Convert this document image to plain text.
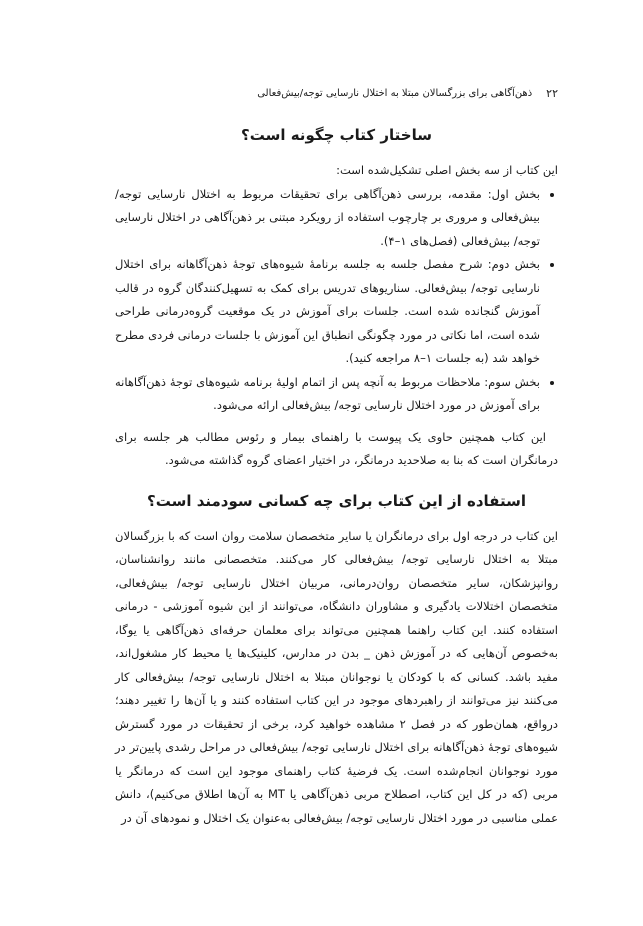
۲۲
ذهن‌آگاهی برای بزرگسالان مبتلا به اختلال نارسایی توجه/بیش‌فعالی
ساختار کتاب چگونه است؟

این کتاب از سه بخش اصلی تشکیل‌شده است:

• بخش اول: مقدمه، بررسی ذهن‌آگاهی برای تحقیقات مربوط به اختلال نارسایی توجه/ بیش‌فعالی و مروری بر چارچوب استفاده از رویکرد مبتنی بر ذهن‌آگاهی در اختلال نارسایی توجه/ بیش‌فعالی (فصل‌های ۱–۴).
• بخش دوم: شرح مفصل جلسه به جلسه برنامهٔ شیوه‌های توجهٔ ذهن‌آگاهانه برای اختلال نارسایی توجه/ بیش‌فعالی. سناریوهای تدریس برای کمک به تسهیل‌کنندگان گروه در قالب آموزش گنجانده شده است. جلسات برای آموزش در یک موقعیت گروه‌درمانی طراحی شده است، اما نکاتی در مورد چگونگی انطباق این آموزش با جلسات درمانی فردی مطرح خواهد شد (به جلسات ۱–۸ مراجعه کنید).
• بخش سوم: ملاحظات مربوط به آنچه پس از اتمام اولیهٔ برنامه شیوه‌های توجهٔ ذهن‌آگاهانه برای آموزش در مورد اختلال نارسایی توجه/ بیش‌فعالی ارائه می‌شود.

این کتاب همچنین حاوی یک پیوست با راهنمای بیمار و رئوس مطالب هر جلسه برای درمانگران است که بنا به صلاحدید درمانگر، در اختیار اعضای گروه گذاشته می‌شود.

استفاده از این کتاب برای چه کسانی سودمند است؟

این کتاب در درجه اول برای درمانگران یا سایر متخصصان سلامت روان است که با بزرگسالان مبتلا به اختلال نارسایی توجه/ بیش‌فعالی کار می‌کنند. متخصصانی مانند روانشناسان، روانپزشکان، سایر متخصصان روان‌درمانی، مربیان اختلال نارسایی توجه/ بیش‌فعالی، متخصصان اختلالات یادگیری و مشاوران دانشگاه، می‌توانند از این شیوه آموزشی - درمانی استفاده کنند. این کتاب راهنما همچنین می‌تواند برای معلمان حرفه‌ای ذهن‌آگاهی یا یوگا، به‌خصوص آن‌هایی که در آموزش ذهن _ بدن در مدارس، کلینیک‌ها یا محیط کار مشغول‌اند، مفید باشد. کسانی که با کودکان یا نوجوانان مبتلا به اختلال نارسایی توجه/ بیش‌فعالی کار می‌کنند نیز می‌توانند از راهبردهای موجود در این کتاب استفاده کنند و یا آن‌ها را تغییر دهند؛ درواقع، همان‌طور که در فصل ۲ مشاهده خواهید کرد، برخی از تحقیقات در مورد گسترش شیوه‌های توجهٔ ذهن‌آگاهانه برای اختلال نارسایی توجه/ بیش‌فعالی در مراحل رشدی پایین‌تر در مورد نوجوانان انجام‌شده است. یک فرضیهٔ کتاب راهنمای موجود این است که درمانگر یا مربی (که در کل این کتاب، اصطلاح مربی ذهن‌آگاهی یا MT به آن‌ها اطلاق می‌کنیم)، دانش عملی مناسبی در مورد اختلال نارسایی توجه/ بیش‌فعالی به‌عنوان یک اختلال و نمودهای آن در
